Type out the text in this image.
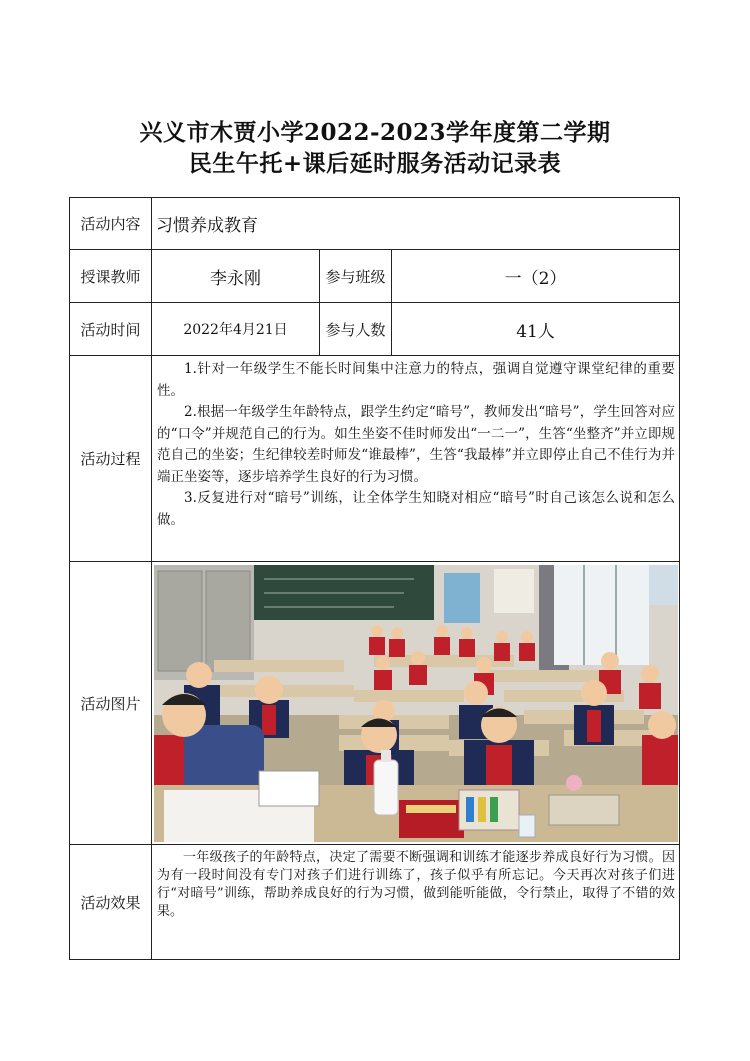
兴义市木贾小学2022-2023学年度第二学期
民生午托+课后延时服务活动记录表
活动内容	习惯养成教育		
授课教师	李永刚	参与班级	一（2）
活动时间	2022年4月21日	参与人数	41人
活动过程	1.针对一年级学生不能长时间集中注意力的特点，强调自觉遵守课堂纪律的重要性。

2.根据一年级学生年龄特点，跟学生约定“暗号”，教师发出“暗号”，学生回答对应的“口令”并规范自己的行为。如生坐姿不佳时师发出“一二一”，生答“坐整齐”并立即规范自己的坐姿；生纪律较差时师发“谁最棒”，生答“我最棒”并立即停止自己不佳行为并端正坐姿等，逐步培养学生良好的行为习惯。

3.反复进行对“暗号”训练，让全体学生知晓对相应“暗号”时自己该怎么说和怎么做。		

活动图片	

活动效果	一年级孩子的年龄特点，决定了需要不断强调和训练才能逐步养成良好行为习惯。因为有一段时间没有专门对孩子们进行训练了，孩子似乎有所忘记。今天再次对孩子们进行“对暗号”训练，帮助养成良好的行为习惯，做到能听能做，令行禁止，取得了不错的效果。		
